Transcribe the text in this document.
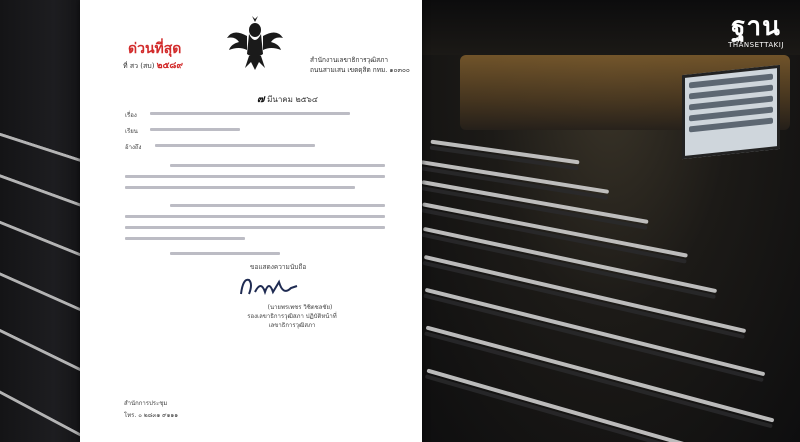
ฐาน
THANSETTAKIJ
ด่วนที่สุด
ที่ สว (สบ) ๒๕๘๙
สำนักงานเลขาธิการวุฒิสภา
ถนนสามเสน เขตดุสิต กทม. ๑๐๓๐๐
๗ มีนาคม ๒๕๖๔
เรื่อง
เรียน
อ้างถึง
ขอแสดงความนับถือ
(นายพรเพชร วิชิตชลชัย)
รองเลขาธิการวุฒิสภา ปฏิบัติหน้าที่
เลขาธิการวุฒิสภา
สำนักการประชุม
โทร. ๐ ๒๘๓๑ ๙๑๑๑
